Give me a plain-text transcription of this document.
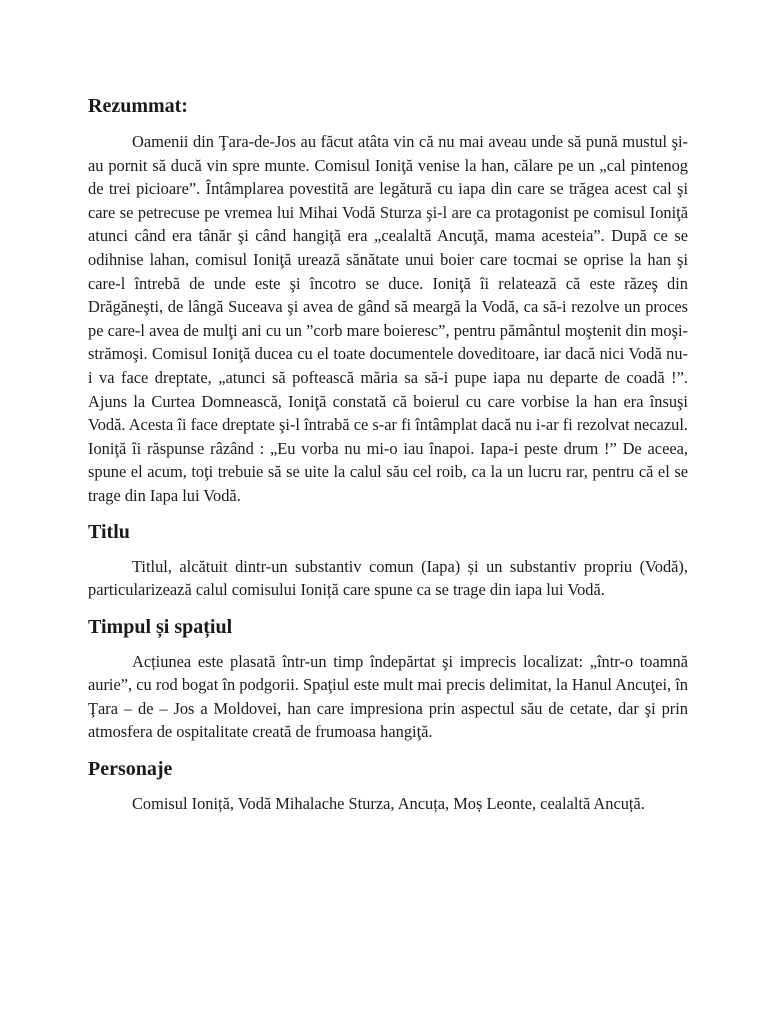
Rezummat:

Oamenii din Ţara-de-Jos au făcut atâta vin că nu mai aveau unde să pună mustul şi-au pornit să ducă vin spre munte. Comisul Ioniţă venise la han, călare pe un „cal pintenog de trei picioare”. Întâmplarea povestită are legătură cu iapa din care se trăgea acest cal şi care se petrecuse pe vremea lui Mihai Vodă Sturza şi-l are ca protagonist pe comisul Ioniţă atunci când era tânăr şi când hangiţă era „cealaltă Ancuţă, mama acesteia”. După ce se odihnise lahan, comisul Ioniţă urează sănătate unui boier care tocmai se oprise la han şi care-l întrebă de unde este şi încotro se duce. Ioniţă îi relatează că este răzeş din Drăgăneşti, de lângă Suceava şi avea de gând să meargă la Vodă, ca să-i rezolve un proces pe care-l avea de mulţi ani cu un ”corb mare boieresc”, pentru pământul moştenit din moşi-strămoşi. Comisul Ioniţă ducea cu el toate documentele doveditoare, iar dacă nici Vodă nu-i va face dreptate, „atunci să poftească măria sa să-i pupe iapa nu departe de coadă !”. Ajuns la Curtea Domnească, Ioniţă constată că boierul cu care vorbise la han era însuşi Vodă. Acesta îi face dreptate şi-l întrabă ce s-ar fi întâmplat dacă nu i-ar fi rezolvat necazul. Ioniţă îi răspunse râzând : „Eu vorba nu mi-o iau înapoi. Iapa-i peste drum !” De aceea, spune el acum, toţi trebuie să se uite la calul său cel roib, ca la un lucru rar, pentru că el se trage din Iapa lui Vodă.

Titlu

Titlul, alcătuit dintr-un substantiv comun (Iapa) și un substantiv propriu (Vodă), particularizează calul comisului Ioniță care spune ca se trage din iapa lui Vodă.

Timpul și spațiul

Acțiunea este plasată într-un timp îndepărtat şi imprecis localizat: „într-o toamnă aurie”, cu rod bogat în podgorii. Spaţiul este mult mai precis delimitat, la Hanul Ancuţei, în Ţara – de – Jos a Moldovei, han care impresiona prin aspectul său de cetate, dar şi prin atmosfera de ospitalitate creată de frumoasa hangiţă.

Personaje

Comisul Ioniță, Vodă Mihalache Sturza, Ancuța, Moș Leonte, cealaltă Ancuță.
